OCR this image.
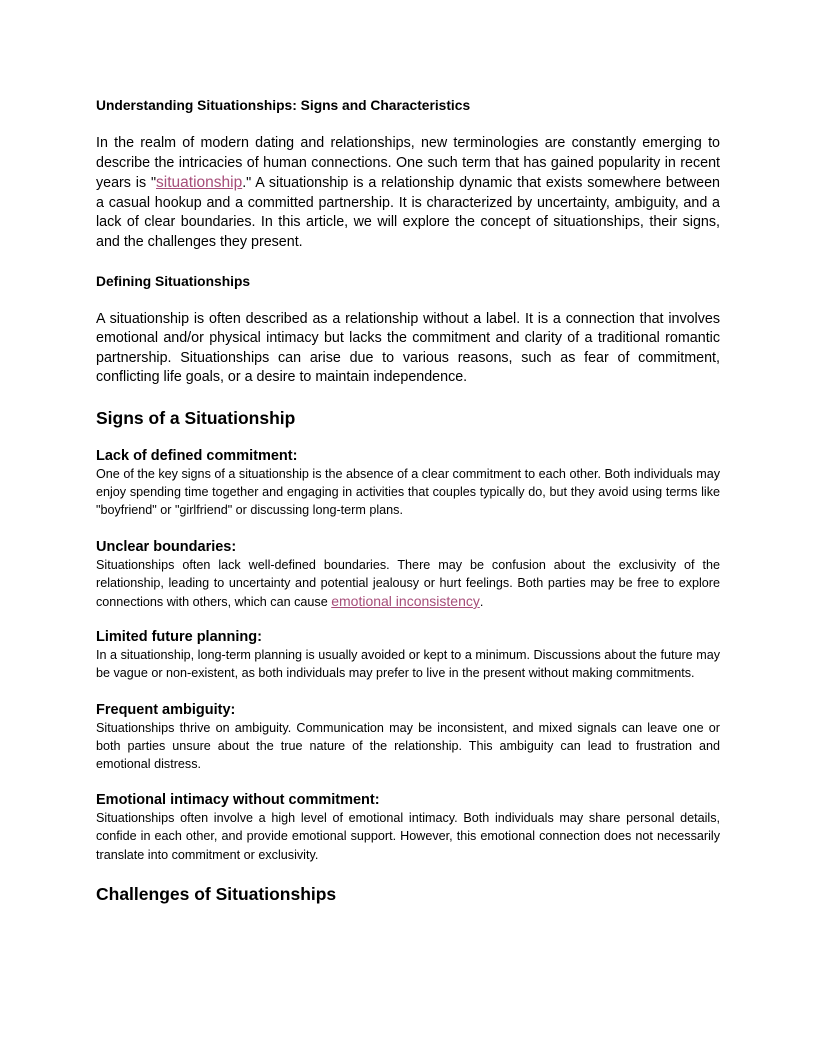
Understanding Situationships: Signs and Characteristics

In the realm of modern dating and relationships, new terminologies are constantly emerging to describe the intricacies of human connections. One such term that has gained popularity in recent years is "situationship." A situationship is a relationship dynamic that exists somewhere between a casual hookup and a committed partnership. It is characterized by uncertainty, ambiguity, and a lack of clear boundaries. In this article, we will explore the concept of situationships, their signs, and the challenges they present.

Defining Situationships

A situationship is often described as a relationship without a label. It is a connection that involves emotional and/or physical intimacy but lacks the commitment and clarity of a traditional romantic partnership. Situationships can arise due to various reasons, such as fear of commitment, conflicting life goals, or a desire to maintain independence.

Signs of a Situationship

Lack of defined commitment:

One of the key signs of a situationship is the absence of a clear commitment to each other. Both individuals may enjoy spending time together and engaging in activities that couples typically do, but they avoid using terms like "boyfriend" or "girlfriend" or discussing long-term plans.

Unclear boundaries:

Situationships often lack well-defined boundaries. There may be confusion about the exclusivity of the relationship, leading to uncertainty and potential jealousy or hurt feelings. Both parties may be free to explore connections with others, which can cause emotional inconsistency.

Limited future planning:

In a situationship, long-term planning is usually avoided or kept to a minimum. Discussions about the future may be vague or non-existent, as both individuals may prefer to live in the present without making commitments.

Frequent ambiguity:

Situationships thrive on ambiguity. Communication may be inconsistent, and mixed signals can leave one or both parties unsure about the true nature of the relationship. This ambiguity can lead to frustration and emotional distress.

Emotional intimacy without commitment:

Situationships often involve a high level of emotional intimacy. Both individuals may share personal details, confide in each other, and provide emotional support. However, this emotional connection does not necessarily translate into commitment or exclusivity.

Challenges of Situationships
